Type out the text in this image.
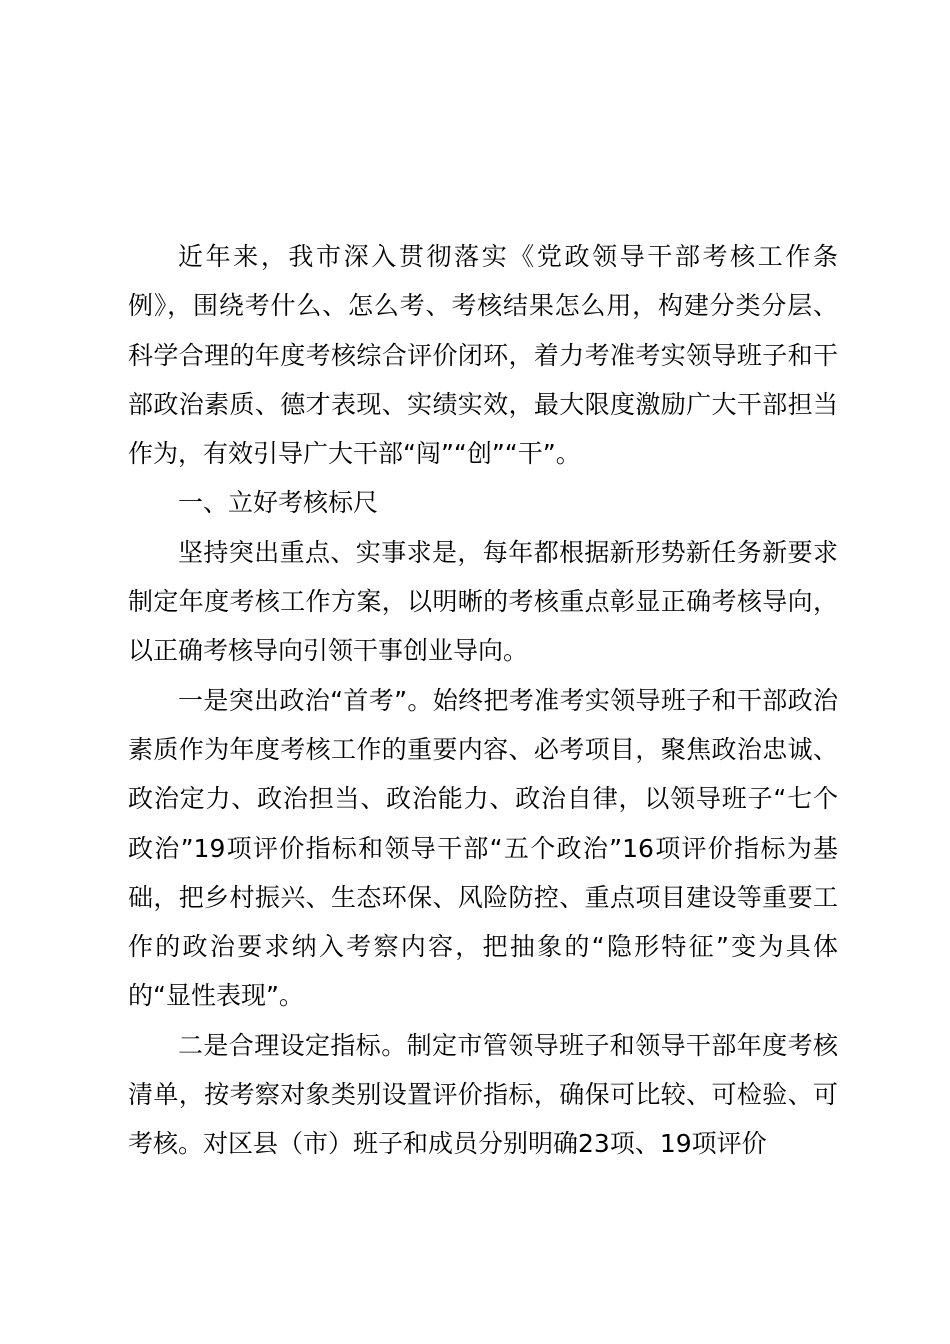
近年来，我市深入贯彻落实《党政领导干部考核工作条例》，围绕考什么、怎么考、考核结果怎么用，构建分类分层、科学合理的年度考核综合评价闭环，着力考准考实领导班子和干部政治素质、德才表现、实绩实效，最大限度激励广大干部担当作为，有效引导广大干部“闯”“创”“干”。

一、立好考核标尺

坚持突出重点、实事求是，每年都根据新形势新任务新要求制定年度考核工作方案，以明晰的考核重点彰显正确考核导向，以正确考核导向引领干事创业导向。

一是突出政治“首考”。始终把考准考实领导班子和干部政治素质作为年度考核工作的重要内容、必考项目，聚焦政治忠诚、政治定力、政治担当、政治能力、政治自律，以领导班子“七个政治”19项评价指标和领导干部“五个政治”16项评价指标为基础，把乡村振兴、生态环保、风险防控、重点项目建设等重要工作的政治要求纳入考察内容，把抽象的“隐形特征”变为具体的“显性表现”。

二是合理设定指标。制定市管领导班子和领导干部年度考核清单，按考察对象类别设置评价指标，确保可比较、可检验、可考核。对区县（市）班子和成员分别明确23项、19项评价
